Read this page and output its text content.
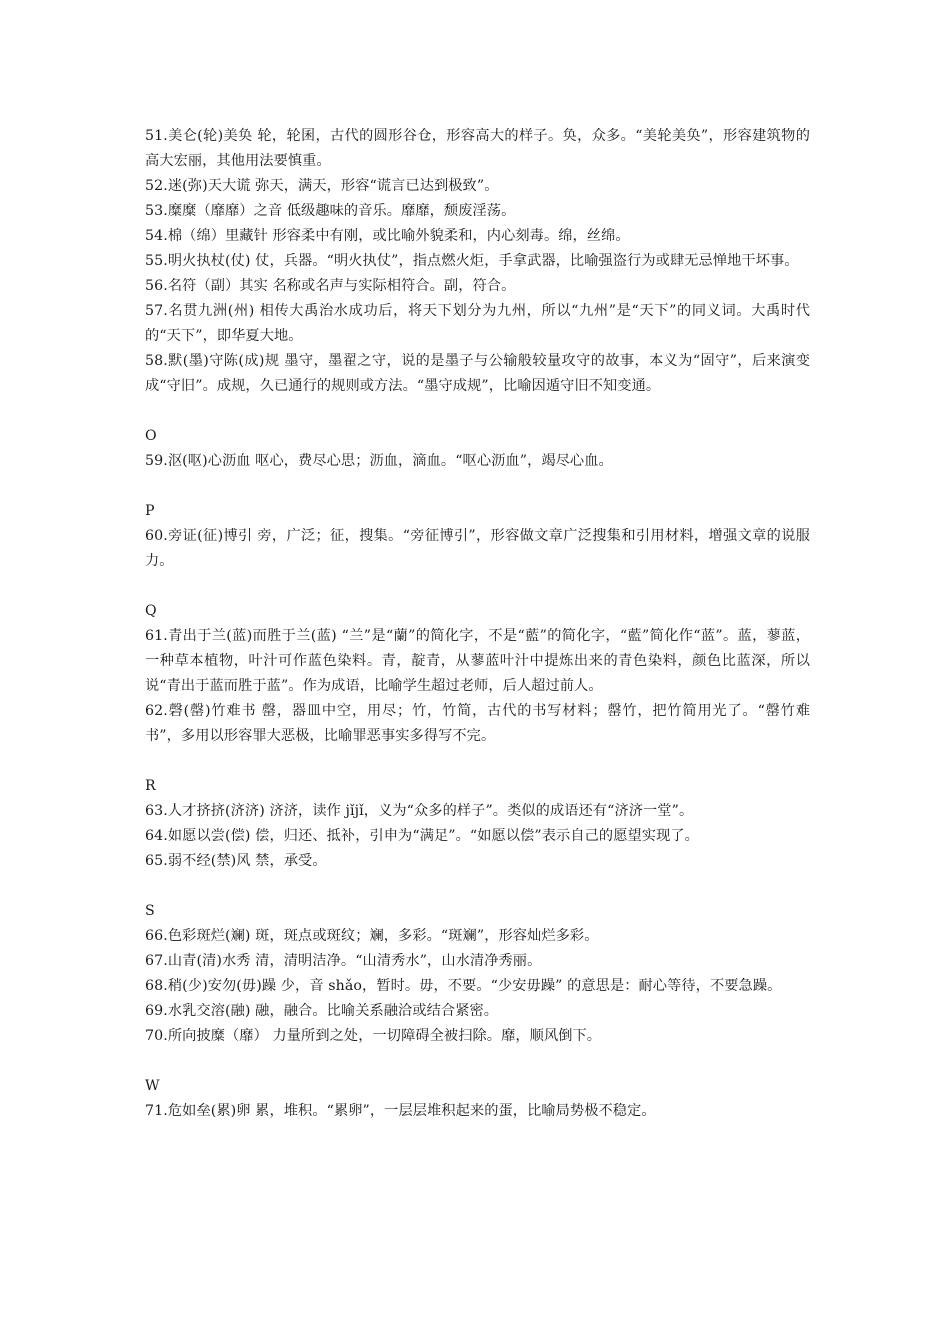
51.美仑(轮)美奂 轮，轮囷，古代的圆形谷仓，形容高大的样子。奂，众多。“美轮美奂”，形容建筑物的高大宏丽，其他用法要慎重。

52.迷(弥)天大谎 弥天，满天，形容“谎言已达到极致”。

53.糜糜（靡靡）之音 低级趣味的音乐。靡靡，颓废淫荡。

54.棉（绵）里藏针 形容柔中有刚，或比喻外貌柔和，内心刻毒。绵，丝绵。

55.明火执杖(仗) 仗，兵器。“明火执仗”，指点燃火炬，手拿武器，比喻强盗行为或肆无忌惮地干坏事。

56.名符（副）其实 名称或名声与实际相符合。副，符合。

57.名贯九洲(州) 相传大禹治水成功后，将天下划分为九州，所以“九州”是“天下”的同义词。大禹时代的“天下”，即华夏大地。

58.默(墨)守陈(成)规 墨守，墨翟之守，说的是墨子与公输般较量攻守的故事，本义为“固守”，后来演变成“守旧”。成规，久已通行的规则或方法。“墨守成规”，比喻因遁守旧不知变通。

O

59.沤(呕)心沥血 呕心，费尽心思；沥血，滴血。“呕心沥血”，竭尽心血。

P

60.旁证(征)博引 旁，广泛；征，搜集。“旁征博引”，形容做文章广泛搜集和引用材料，增强文章的说服力。

Q

61.青出于兰(蓝)而胜于兰(蓝) “兰”是“蘭”的简化字，不是“藍”的简化字，“藍”简化作“蓝”。蓝，蓼蓝，一种草本植物，叶汁可作蓝色染料。青，靛青，从蓼蓝叶汁中提炼出来的青色染料，颜色比蓝深，所以说“青出于蓝而胜于蓝”。作为成语，比喻学生超过老师，后人超过前人。

62.磬(罄)竹难书 罄，器皿中空，用尽；竹，竹简，古代的书写材料；罄竹，把竹简用光了。“罄竹难书”，多用以形容罪大恶极，比喻罪恶事实多得写不完。

R

63.人才挤挤(济济) 济济，读作 jǐjǐ，义为“众多的样子”。类似的成语还有“济济一堂”。

64.如愿以尝(偿) 偿，归还、抵补，引申为“满足”。“如愿以偿”表示自己的愿望实现了。

65.弱不经(禁)风 禁，承受。

S

66.色彩斑烂(斓) 斑，斑点或斑纹；斓，多彩。“斑斓”，形容灿烂多彩。

67.山青(清)水秀 清，清明洁净。“山清秀水”，山水清净秀丽。

68.稍(少)安勿(毋)躁 少，音 shǎo，暂时。毋，不要。“少安毋躁” 的意思是：耐心等待，不要急躁。

69.水乳交溶(融) 融，融合。比喻关系融洽或结合紧密。

70.所向披糜（靡） 力量所到之处，一切障碍全被扫除。靡，顺风倒下。

W

71.危如垒(累)卵 累，堆积。“累卵”，一层层堆积起来的蛋，比喻局势极不稳定。
